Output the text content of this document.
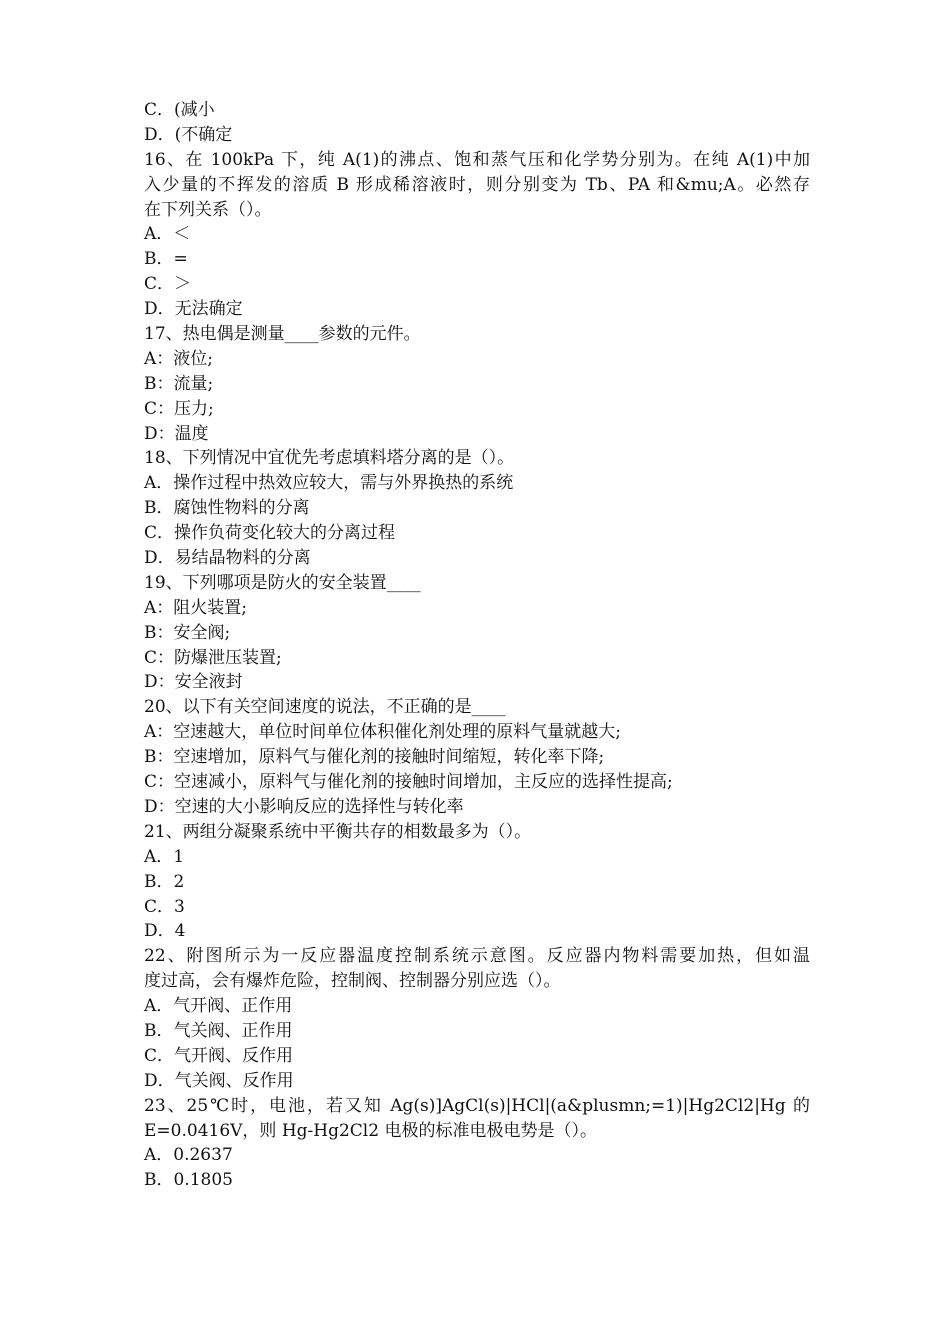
C．(减小
D．(不确定
16、在 100kPa 下，纯 A(1)的沸点、饱和蒸气压和化学势分别为。在纯 A(1)中加
入少量的不挥发的溶质 B 形成稀溶液时，则分别变为 Tb、PA 和&mu;A。必然存
在下列关系（）。
A．＜
B．=
C．＞
D．无法确定
17、热电偶是测量____参数的元件。
A：液位;
B：流量;
C：压力;
D：温度
18、下列情况中宜优先考虑填料塔分离的是（）。
A．操作过程中热效应较大，需与外界换热的系统
B．腐蚀性物料的分离
C．操作负荷变化较大的分离过程
D．易结晶物料的分离
19、下列哪项是防火的安全装置____
A：阻火装置;
B：安全阀;
C：防爆泄压装置;
D：安全液封
20、以下有关空间速度的说法，不正确的是____
A：空速越大，单位时间单位体积催化剂处理的原料气量就越大;
B：空速增加，原料气与催化剂的接触时间缩短，转化率下降;
C：空速减小，原料气与催化剂的接触时间增加，主反应的选择性提高;
D：空速的大小影响反应的选择性与转化率
21、两组分凝聚系统中平衡共存的相数最多为（）。
A．1
B．2
C．3
D．4
22、附图所示为一反应器温度控制系统示意图。反应器内物料需要加热，但如温
度过高，会有爆炸危险，控制阀、控制器分别应选（）。
A．气开阀、正作用
B．气关阀、正作用
C．气开阀、反作用
D．气关阀、反作用
23、25℃时，电池，若又知 Ag(s)]AgCl(s)|HCl|(a&plusmn;=1)|Hg2Cl2|Hg 的
E=0.0416V，则 Hg-Hg2Cl2 电极的标准电极电势是（）。
A．0.2637
B．0.1805
